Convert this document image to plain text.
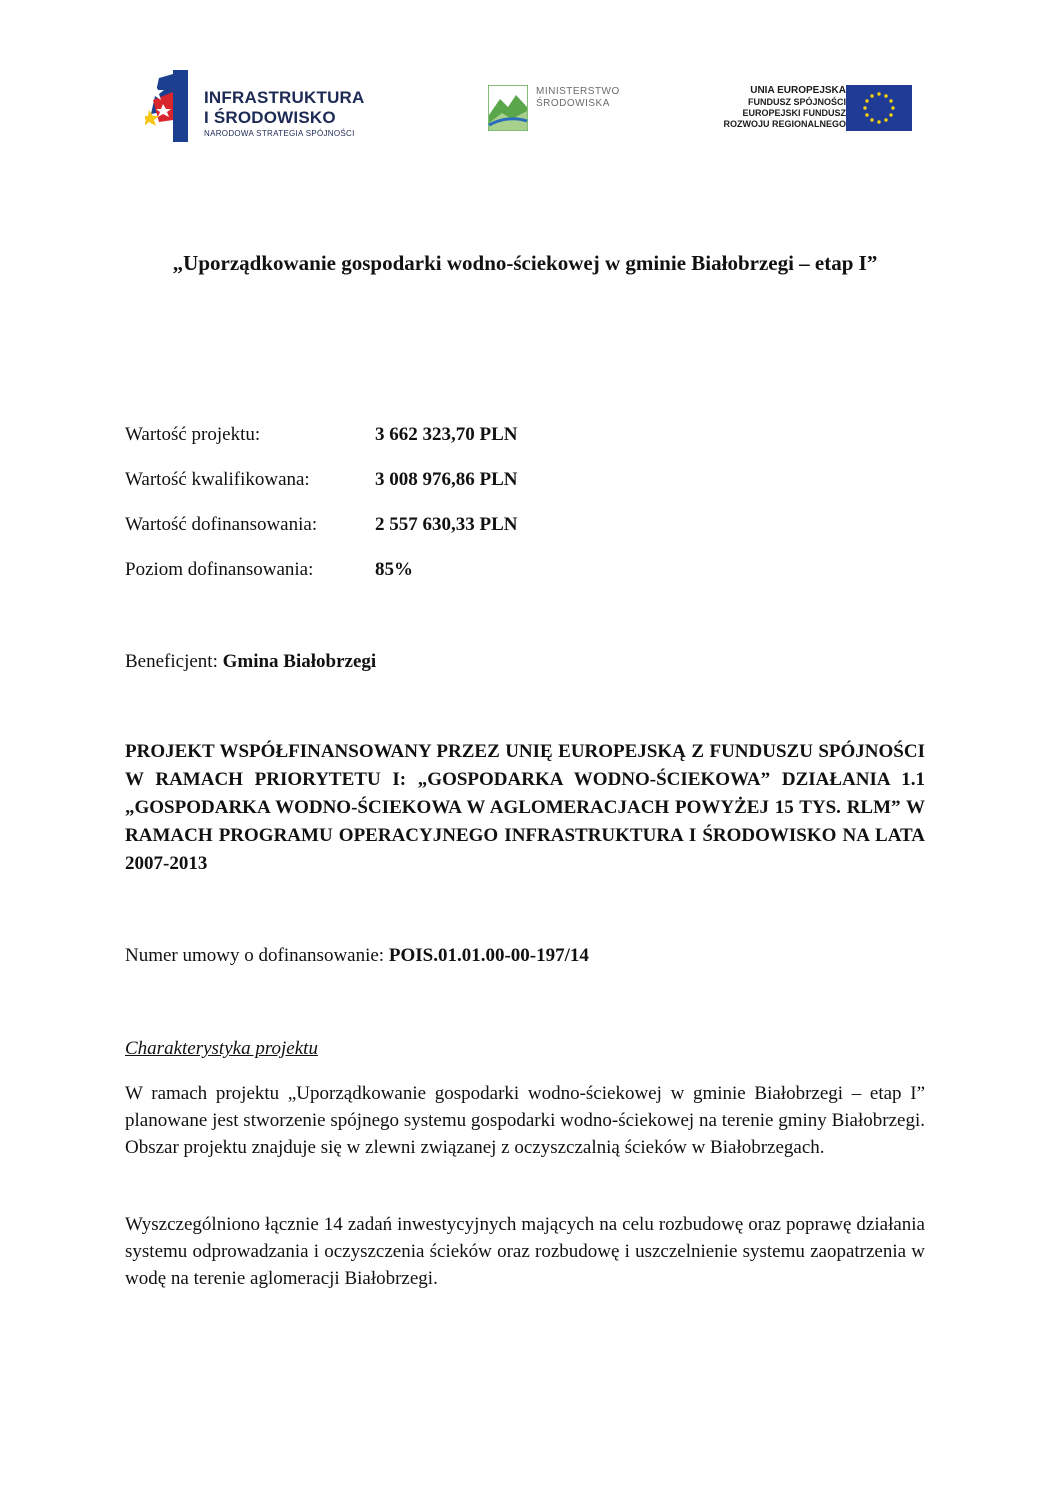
INFRASTRUKTURA
I ŚRODOWISKO
NARODOWA STRATEGIA SPÓJNOŚCI
MINISTERSTWO
ŚRODOWISKA
UNIA EUROPEJSKA
FUNDUSZ SPÓJNOŚCI
EUROPEJSKI FUNDUSZ
ROZWOJU REGIONALNEGO
„Uporządkowanie gospodarki wodno-ściekowej w gminie Białobrzegi – etap I”
Wartość projektu:	3 662 323,70 PLN
Wartość kwalifikowana:	3 008 976,86 PLN
Wartość dofinansowania:	2 557 630,33 PLN
Poziom dofinansowania:	85%
Beneficjent: Gmina Białobrzegi

PROJEKT WSPÓŁFINANSOWANY PRZEZ UNIĘ EUROPEJSKĄ Z FUNDUSZU SPÓJNOŚCI W RAMACH PRIORYTETU I: „GOSPODARKA WODNO-ŚCIEKOWA” DZIAŁANIA 1.1 „GOSPODARKA WODNO-ŚCIEKOWA W AGLOMERACJACH POWYŻEJ 15 TYS. RLM” W RAMACH PROGRAMU OPERACYJNEGO INFRASTRUKTURA I ŚRODOWISKO NA LATA 2007-2013

Numer umowy o dofinansowanie: POIS.01.01.00-00-197/14
Charakterystyka projektu

W ramach projektu „Uporządkowanie gospodarki wodno-ściekowej w gminie Białobrzegi – etap I” planowane jest stworzenie spójnego systemu gospodarki wodno-ściekowej na terenie gminy Białobrzegi. Obszar projektu znajduje się w zlewni związanej z oczyszczalnią ścieków w Białobrzegach.

Wyszczególniono łącznie 14 zadań inwestycyjnych mających na celu rozbudowę oraz poprawę działania systemu odprowadzania i oczyszczenia ścieków oraz rozbudowę i uszczelnienie systemu zaopatrzenia w wodę na terenie aglomeracji Białobrzegi.
